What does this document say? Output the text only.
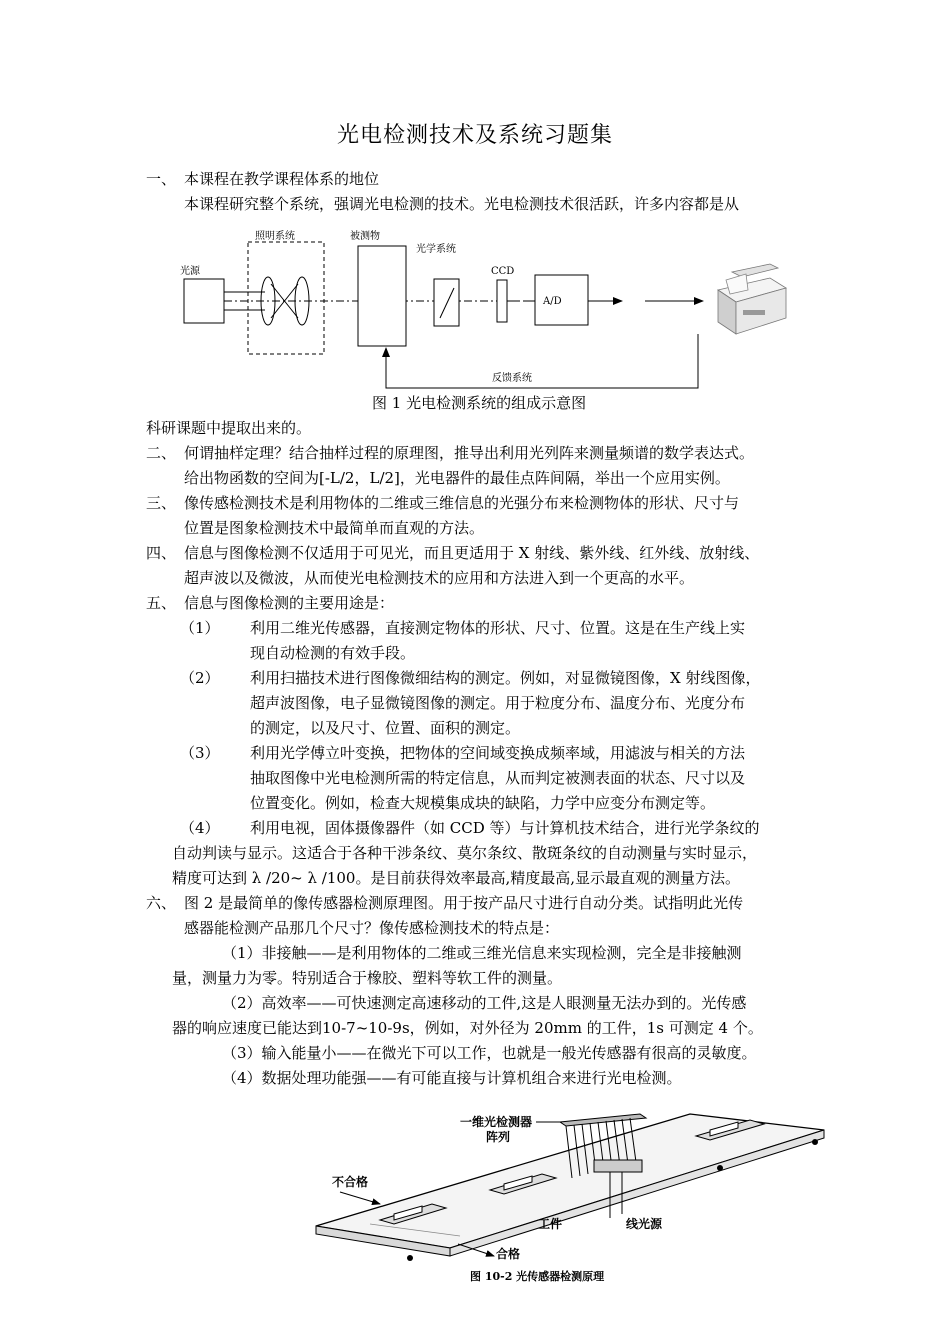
光电检测技术及系统习题集
一、 本课程在教学课程体系的地位
本课程研究整个系统，强调光电检测的技术。光电检测技术很活跃，许多内容都是从
照明系统	被测物
光学系统
光源	CCD
A/D
反馈系统
图 1 光电检测系统的组成示意图
科研课题中提取出来的。
二、 何谓抽样定理？结合抽样过程的原理图，推导出利用光列阵来测量频谱的数学表达式。
给出物函数的空间为[-L/2，L/2]，光电器件的最佳点阵间隔，举出一个应用实例。
三、 像传感检测技术是利用物体的二维或三维信息的光强分布来检测物体的形状、尺寸与
位置是图象检测技术中最简单而直观的方法。
四、 信息与图像检测不仅适用于可见光，而且更适用于 X 射线、紫外线、红外线、放射线、
超声波以及微波，从而使光电检测技术的应用和方法进入到一个更高的水平。
五、 信息与图像检测的主要用途是：
（1） 利用二维光传感器，直接测定物体的形状、尺寸、位置。这是在生产线上实
现自动检测的有效手段。
（2） 利用扫描技术进行图像微细结构的测定。例如，对显微镜图像，X 射线图像，
超声波图像，电子显微镜图像的测定。用于粒度分布、温度分布、光度分布
的测定，以及尺寸、位置、面积的测定。
（3） 利用光学傅立叶变换，把物体的空间域变换成频率域，用滤波与相关的方法
抽取图像中光电检测所需的特定信息，从而判定被测表面的状态、尺寸以及
位置变化。例如，检查大规模集成块的缺陷，力学中应变分布测定等。
（4） 利用电视，固体摄像器件（如 CCD 等）与计算机技术结合，进行光学条纹的
自动判读与显示。这适合于各种干涉条纹、莫尔条纹、散斑条纹的自动测量与实时显示，
精度可达到 λ /20~ λ /100。是目前获得效率最高,精度最高,显示最直观的测量方法。
六、 图 2 是最简单的像传感器检测原理图。用于按产品尺寸进行自动分类。试指明此光传
感器能检测产品那几个尺寸？像传感检测技术的特点是：
（1）非接触——是利用物体的二维或三维光信息来实现检测，完全是非接触测
量，测量力为零。特别适合于橡胶、塑料等软工件的测量。
（2）高效率——可快速测定高速移动的工件,这是人眼测量无法办到的。光传感
器的响应速度已能达到10-7~10-9s，例如，对外径为 20mm 的工件，1s 可测定 4 个。
（3）输入能量小——在微光下可以工作，也就是一般光传感器有很高的灵敏度。
（4）数据处理功能强——有可能直接与计算机组合来进行光电检测。
一维光检测器
阵列
不合格
工件	线光源
合格
图 10-2 光传感器检测原理
